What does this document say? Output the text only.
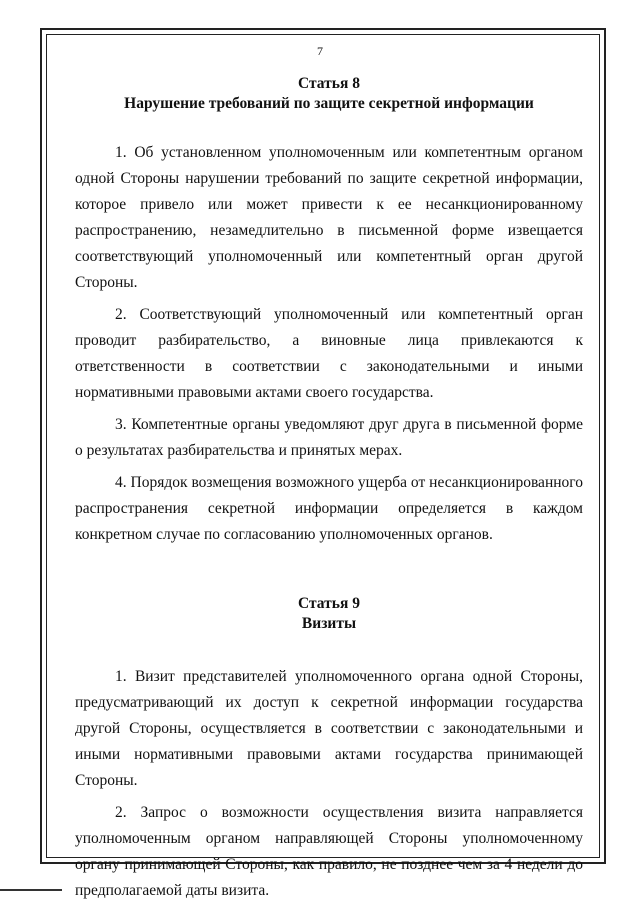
7
Статья 8
Нарушение требований по защите секретной информации

1. Об установленном уполномоченным или компетентным органом одной Стороны нарушении требований по защите секретной информации, которое привело или может привести к ее несанкционированному распространению, незамедлительно в письменной форме извещается соответствующий уполномоченный или компетентный орган другой Стороны.

2. Соответствующий уполномоченный или компетентный орган проводит разбирательство, а виновные лица привлекаются к ответственности в соответствии с законодательными и иными нормативными правовыми актами своего государства.

3. Компетентные органы уведомляют друг друга в письменной форме о результатах разбирательства и принятых мерах.

4. Порядок возмещения возможного ущерба от несанкционированного распространения секретной информации определяется в каждом конкретном случае по согласованию уполномоченных органов.

Статья 9
Визиты

1. Визит представителей уполномоченного органа одной Стороны, предусматривающий их доступ к секретной информации государства другой Стороны, осуществляется в соответствии с законодательными и иными нормативными правовыми актами государства принимающей Стороны.

2. Запрос о возможности осуществления визита направляется уполномоченным органом направляющей Стороны уполномоченному органу принимающей Стороны, как правило, не позднее чем за 4 недели до предполагаемой даты визита.
